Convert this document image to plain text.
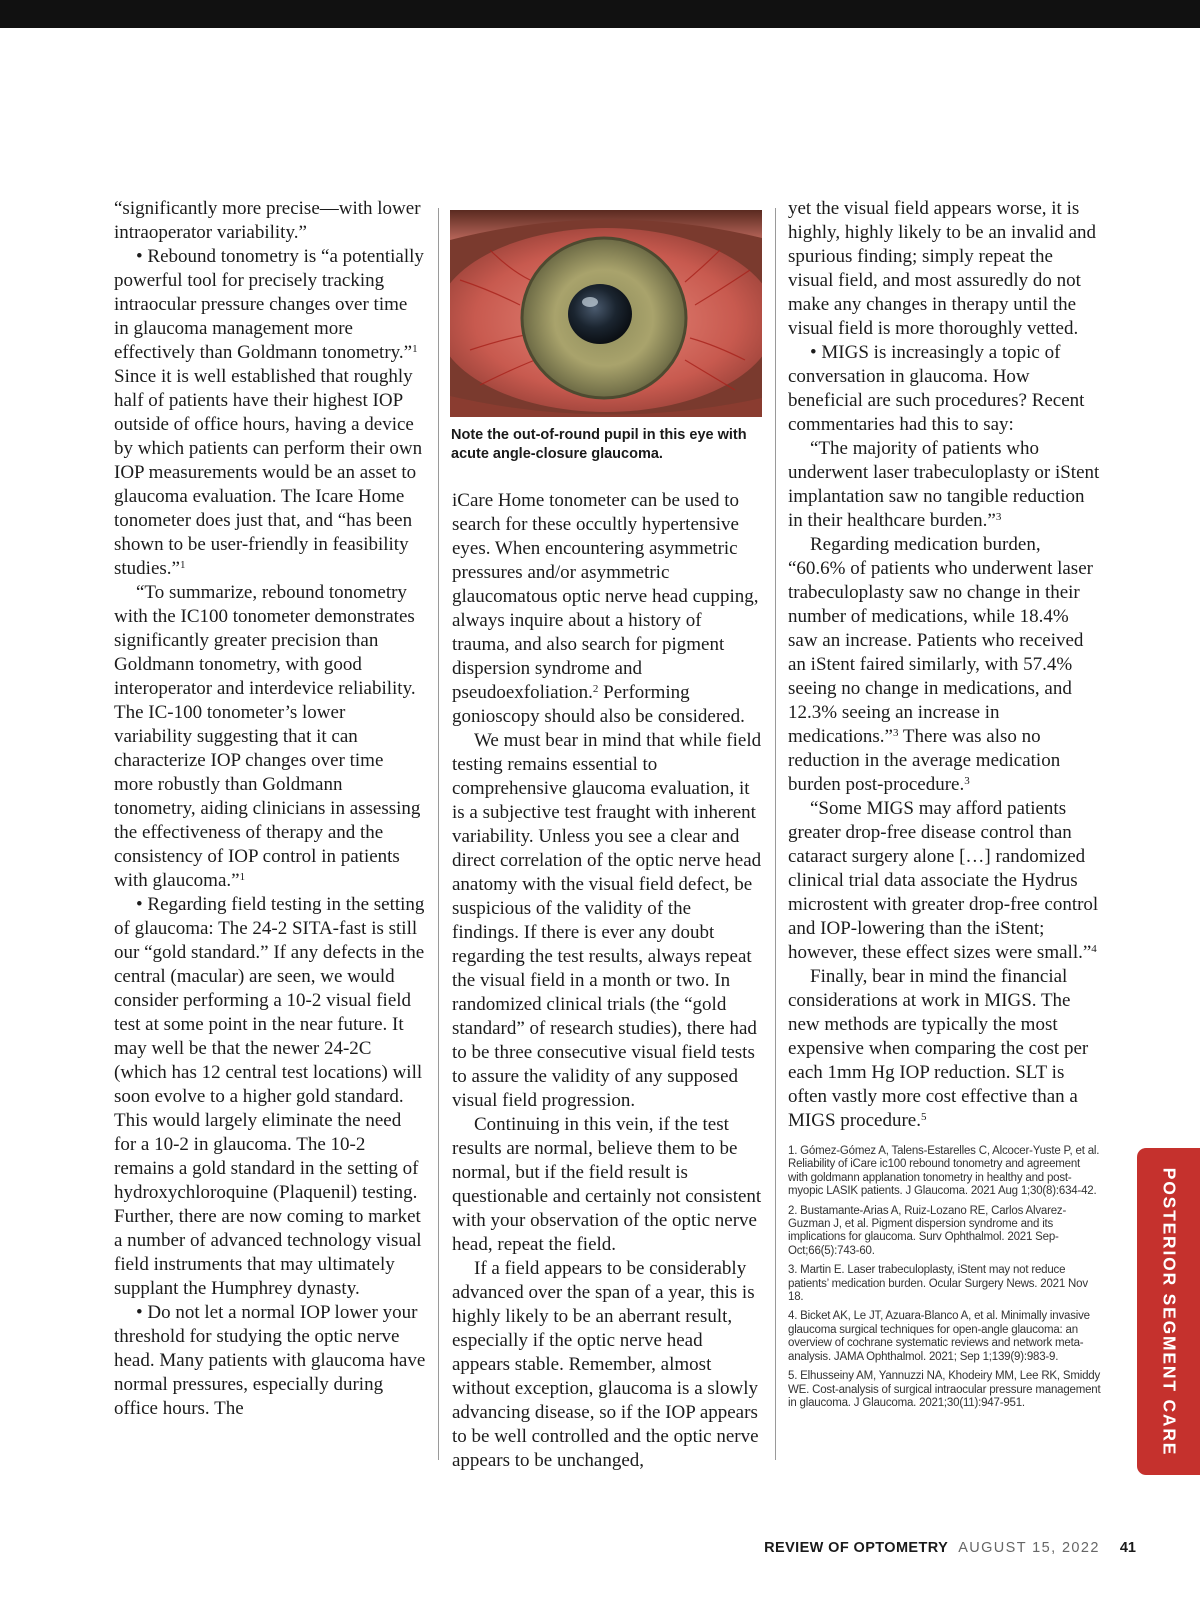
“significantly more precise—with lower intraoperator variability.”

• Rebound tonometry is “a potentially powerful tool for precisely tracking intraocular pressure changes over time in glaucoma management more effectively than Goldmann tonometry.”$^1$ Since it is well established that roughly half of patients have their highest IOP outside of office hours, having a device by which patients can perform their own IOP measurements would be an asset to glaucoma evaluation. The Icare Home tonometer does just that, and “has been shown to be user-friendly in feasibility studies.”$^1$

“To summarize, rebound tonometry with the IC100 tonometer demonstrates significantly greater precision than Goldmann tonometry, with good interoperator and interdevice reliability. The IC-100 tonometer’s lower variability suggesting that it can characterize IOP changes over time more robustly than Goldmann tonometry, aiding clinicians in assessing the effectiveness of therapy and the consistency of IOP control in patients with glaucoma.”$^1$

• Regarding field testing in the setting of glaucoma: The 24-2 SITA-fast is still our “gold standard.” If any defects in the central (macular) are seen, we would consider performing a 10-2 visual field test at some point in the near future. It may well be that the newer 24-2C (which has 12 central test locations) will soon evolve to a higher gold standard. This would largely eliminate the need for a 10-2 in glaucoma. The 10-2 remains a gold standard in the setting of hydroxychloroquine (Plaquenil) testing. Further, there are now coming to market a number of advanced technology visual field instruments that may ultimately supplant the Humphrey dynasty.

• Do not let a normal IOP lower your threshold for studying the optic nerve head. Many patients with glaucoma have normal pressures, especially during office hours. The

Note the out-of-round pupil in this eye with acute angle-closure glaucoma.

iCare Home tonometer can be used to search for these occultly hypertensive eyes. When encountering asymmetric pressures and/or asymmetric glaucomatous optic nerve head cupping, always inquire about a history of trauma, and also search for pigment dispersion syndrome and pseudoexfoliation.$^2$ Performing gonioscopy should also be considered.

We must bear in mind that while field testing remains essential to comprehensive glaucoma evaluation, it is a subjective test fraught with inherent variability. Unless you see a clear and direct correlation of the optic nerve head anatomy with the visual field defect, be suspicious of the validity of the findings. If there is ever any doubt regarding the test results, always repeat the visual field in a month or two. In randomized clinical trials (the “gold standard” of research studies), there had to be three consecutive visual field tests to assure the validity of any supposed visual field progression.

Continuing in this vein, if the test results are normal, believe them to be normal, but if the field result is questionable and certainly not consistent with your observation of the optic nerve head, repeat the field.

If a field appears to be considerably advanced over the span of a year, this is highly likely to be an aberrant result, especially if the optic nerve head appears stable. Remember, almost without exception, glaucoma is a slowly advancing disease, so if the IOP appears to be well controlled and the optic nerve appears to be unchanged,

yet the visual field appears worse, it is highly, highly likely to be an invalid and spurious finding; simply repeat the visual field, and most assuredly do not make any changes in therapy until the visual field is more thoroughly vetted.

• MIGS is increasingly a topic of conversation in glaucoma. How beneficial are such procedures? Recent commentaries had this to say:

“The majority of patients who underwent laser trabeculoplasty or iStent implantation saw no tangible reduction in their healthcare burden.”$^3$

Regarding medication burden, “60.6% of patients who underwent laser trabeculoplasty saw no change in their number of medications, while 18.4% saw an increase. Patients who received an iStent faired similarly, with 57.4% seeing no change in medications, and 12.3% seeing an increase in medications.”$^3$ There was also no reduction in the average medication burden post-procedure.$^3$

“Some MIGS may afford patients greater drop-free disease control than cataract surgery alone […] randomized clinical trial data associate the Hydrus microstent with greater drop-free control and IOP-lowering than the iStent; however, these effect sizes were small.”$^4$

Finally, bear in mind the financial considerations at work in MIGS. The new methods are typically the most expensive when comparing the cost per each 1mm Hg IOP reduction. SLT is often vastly more cost effective than a MIGS procedure.$^5$

1. Gómez-Gómez A, Talens-Estarelles C, Alcocer-Yuste P, et al. Reliability of iCare ic100 rebound tonometry and agreement with goldmann applanation tonometry in healthy and post-myopic LASIK patients. J Glaucoma. 2021 Aug 1;30(8):634-42.
2. Bustamante-Arias A, Ruiz-Lozano RE, Carlos Alvarez-Guzman J, et al. Pigment dispersion syndrome and its implications for glaucoma. Surv Ophthalmol. 2021 Sep-Oct;66(5):743-60.
3. Martin E. Laser trabeculoplasty, iStent may not reduce patients’ medication burden. Ocular Surgery News. 2021 Nov 18.
4. Bicket AK, Le JT, Azuara-Blanco A, et al. Minimally invasive glaucoma surgical techniques for open-angle glaucoma: an overview of cochrane systematic reviews and network meta-analysis. JAMA Ophthalmol. 2021; Sep 1;139(9):983-9.
5. Elhusseiny AM, Yannuzzi NA, Khodeiry MM, Lee RK, Smiddy WE. Cost-analysis of surgical intraocular pressure management in glaucoma. J Glaucoma. 2021;30(11):947-951.	POSTERIOR SEGMENT CARE
REVIEW OF OPTOMETRY AUGUST 15, 2022 41
